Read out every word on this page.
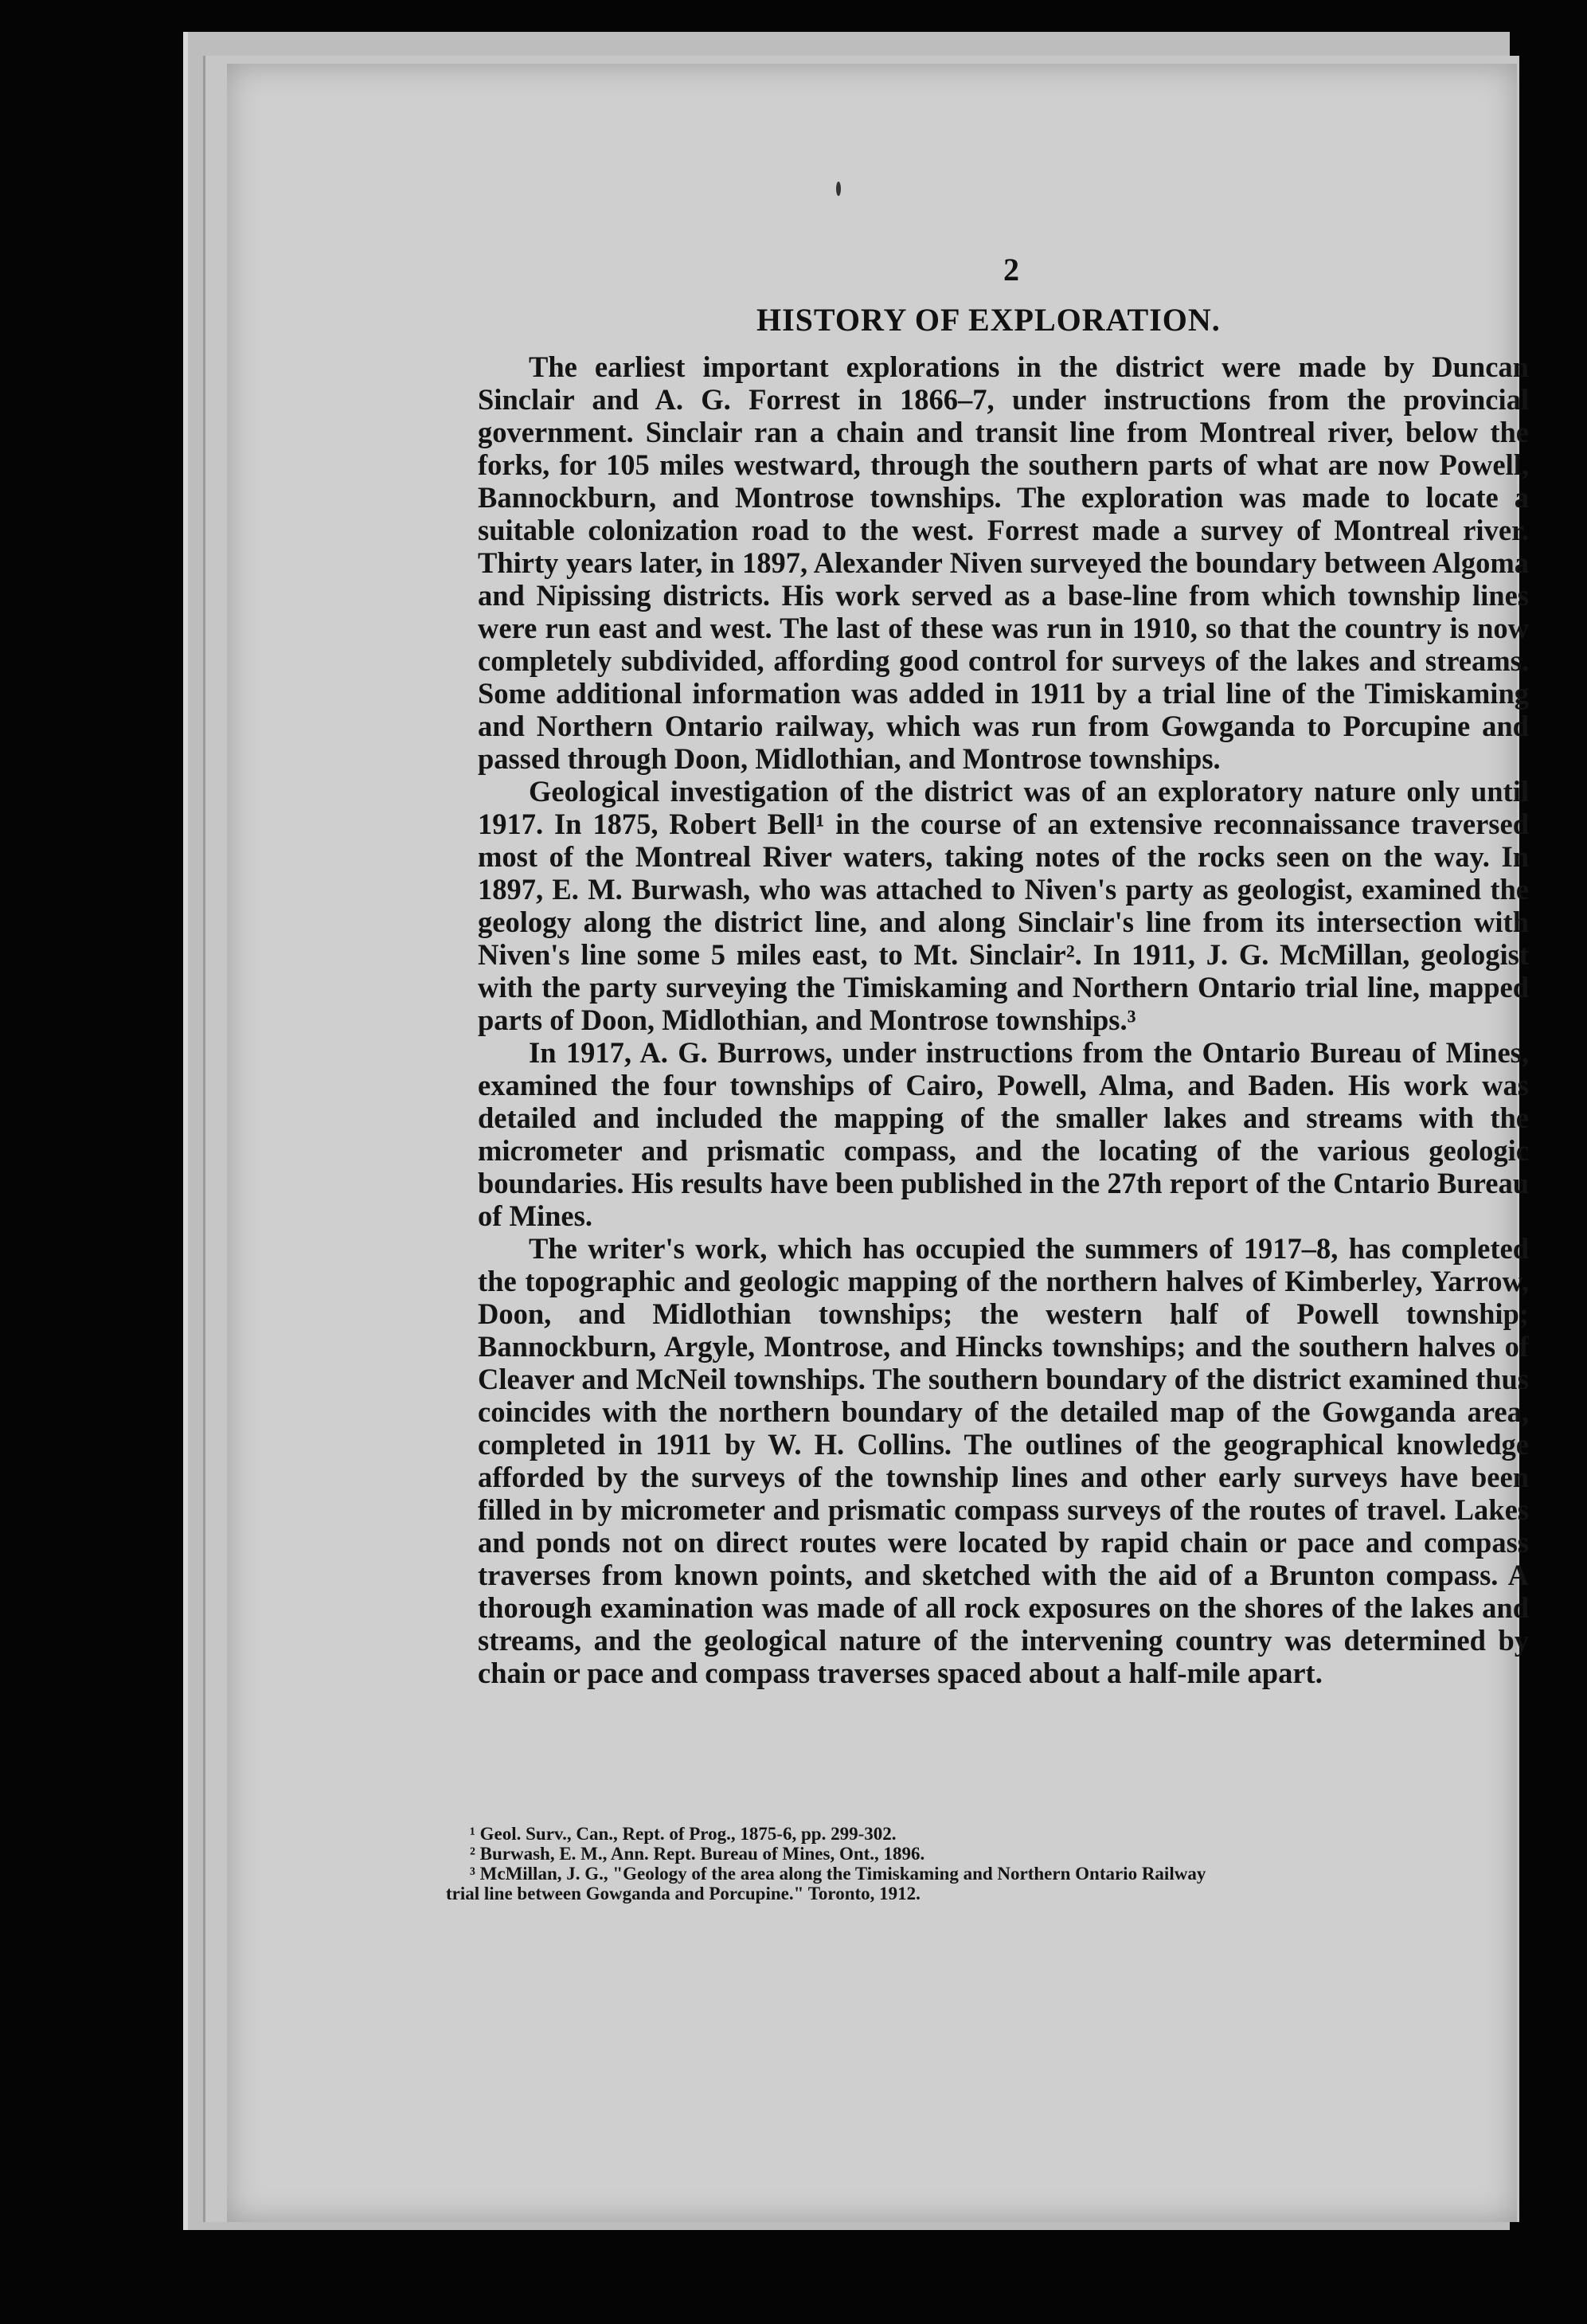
2
HISTORY OF EXPLORATION.

The earliest important explorations in the district were made by Duncan Sinclair and A. G. Forrest in 1866–7, under instructions from the provincial government. Sinclair ran a chain and transit line from Montreal river, below the forks, for 105 miles westward, through the southern parts of what are now Powell, Bannockburn, and Montrose townships. The exploration was made to locate a suitable colonization road to the west. Forrest made a survey of Montreal river. Thirty years later, in 1897, Alexander Niven surveyed the boundary between Algoma and Nipissing districts. His work served as a base-line from which township lines were run east and west. The last of these was run in 1910, so that the country is now completely subdivided, affording good control for surveys of the lakes and streams. Some additional information was added in 1911 by a trial line of the Timiskaming and Northern Ontario railway, which was run from Gowganda to Porcupine and passed through Doon, Midlothian, and Montrose townships.

Geological investigation of the district was of an exploratory nature only until 1917. In 1875, Robert Bell¹ in the course of an extensive reconnaissance traversed most of the Montreal River waters, taking notes of the rocks seen on the way. In 1897, E. M. Burwash, who was attached to Niven's party as geologist, examined the geology along the district line, and along Sinclair's line from its intersection with Niven's line some 5 miles east, to Mt. Sinclair². In 1911, J. G. McMillan, geologist with the party surveying the Timiskaming and Northern Ontario trial line, mapped parts of Doon, Midlothian, and Montrose townships.³

In 1917, A. G. Burrows, under instructions from the Ontario Bureau of Mines, examined the four townships of Cairo, Powell, Alma, and Baden. His work was detailed and included the mapping of the smaller lakes and streams with the micrometer and prismatic compass, and the locating of the various geologic boundaries. His results have been published in the 27th report of the Cntario Bureau of Mines.

The writer's work, which has occupied the summers of 1917–8, has completed the topographic and geologic mapping of the northern halves of Kimberley, Yarrow, Doon, and Midlothian townships; the western half of Powell township; Bannockburn, Argyle, Montrose, and Hincks townships; and the southern halves of Cleaver and McNeil townships. The southern boundary of the district examined thus coincides with the northern boundary of the detailed map of the Gowganda area, completed in 1911 by W. H. Collins. The outlines of the geographical knowledge afforded by the surveys of the township lines and other early surveys have been filled in by micrometer and prismatic compass surveys of the routes of travel. Lakes and ponds not on direct routes were located by rapid chain or pace and compass traverses from known points, and sketched with the aid of a Brunton compass. A thorough examination was made of all rock exposures on the shores of the lakes and streams, and the geological nature of the intervening country was determined by chain or pace and compass traverses spaced about a half-mile apart.

¹ Geol. Surv., Can., Rept. of Prog., 1875-6, pp. 299-302.
² Burwash, E. M., Ann. Rept. Bureau of Mines, Ont., 1896.
³ McMillan, J. G., "Geology of the area along the Timiskaming and Northern Ontario Railway
trial line between Gowganda and Porcupine." Toronto, 1912.
